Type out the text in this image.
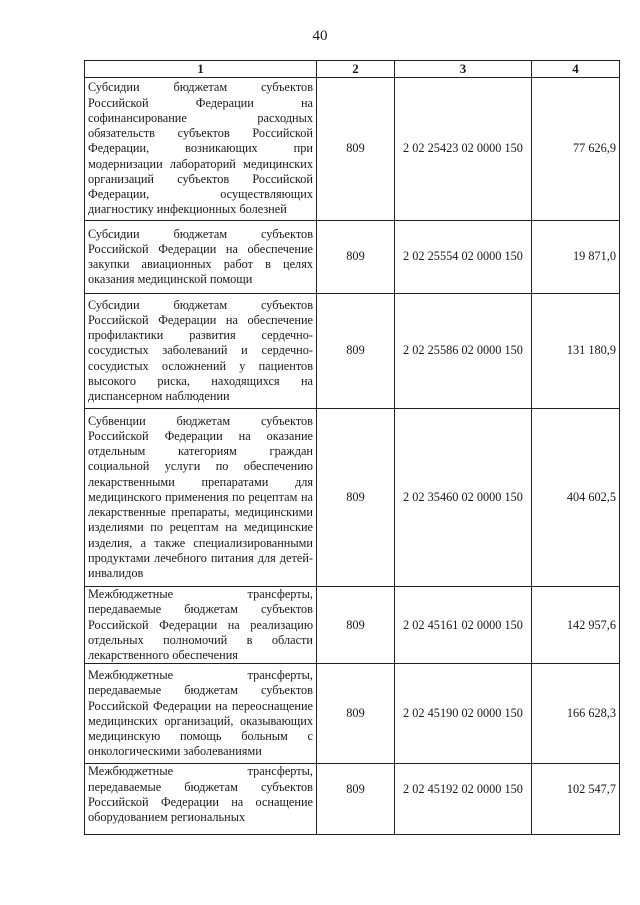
40
1	2	3	4
Субсидии бюджетам субъектов Российской Федерации на софинансирование расходных обязательств субъектов Российской Федерации, возникающих при модернизации лабораторий медицинских организаций субъектов Российской Федерации, осуществляющих диагностику инфекционных болезней	809	2 02 25423 02 0000 150	77 626,9
Субсидии бюджетам субъектов Российской Федерации на обеспечение закупки авиационных работ в целях оказания медицинской помощи	809	2 02 25554 02 0000 150	19 871,0
Субсидии бюджетам субъектов Российской Федерации на обеспечение профилактики развития сердечно-сосудистых заболеваний и сердечно-сосудистых осложнений у пациентов высокого риска, находящихся на диспансерном наблюдении	809	2 02 25586 02 0000 150	131 180,9
Субвенции бюджетам субъектов Российской Федерации на оказание отдельным категориям граждан социальной услуги по обеспечению лекарственными препаратами для медицинского применения по рецептам на лекарственные препараты, медицинскими изделиями по рецептам на медицинские изделия, а также специализированными продуктами лечебного питания для детей-инвалидов	809	2 02 35460 02 0000 150	404 602,5
Межбюджетные трансферты, передаваемые бюджетам субъектов Российской Федерации на реализацию отдельных полномочий в области лекарственного обеспечения	809	2 02 45161 02 0000 150	142 957,6
Межбюджетные трансферты, передаваемые бюджетам субъектов Российской Федерации на переоснащение медицинских организаций, оказывающих медицинскую помощь больным с онкологическими заболеваниями	809	2 02 45190 02 0000 150	166 628,3
Межбюджетные трансферты, передаваемые бюджетам субъектов Российской Федерации на оснащение оборудованием региональных	809	2 02 45192 02 0000 150	102 547,7
